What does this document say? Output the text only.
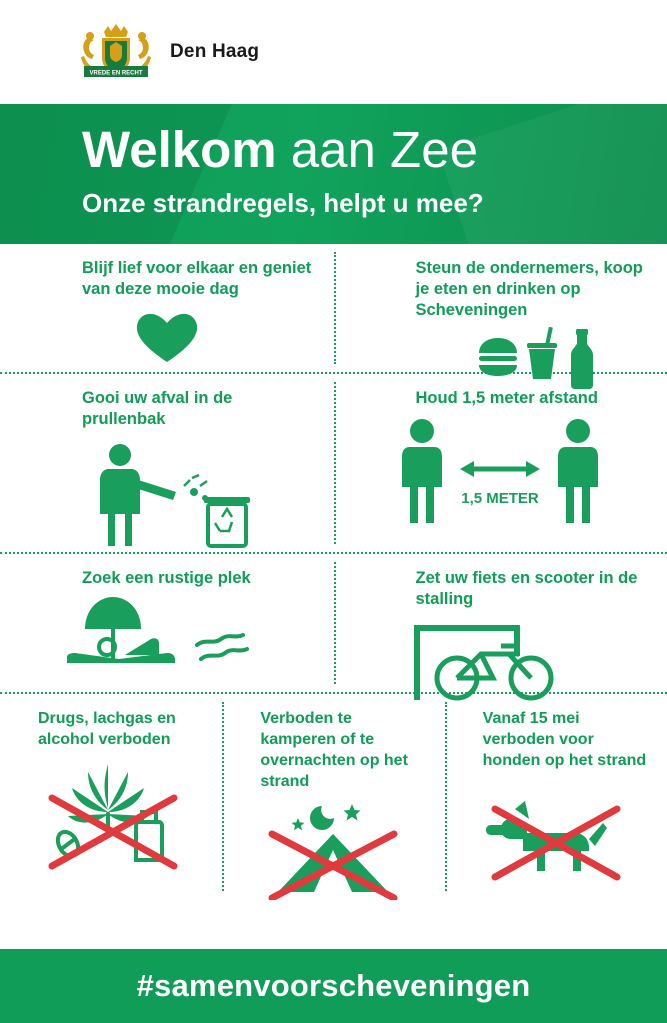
VREDE EN RECHT
Den Haag
Welkom aan Zee
Onze strandregels, helpt u mee?
Blijf lief voor elkaar en geniet van deze mooie dag
Steun de ondernemers, koop je eten en drinken op Scheveningen
Gooi uw afval in de prullenbak
Houd 1,5 meter afstand
1,5 METER
Zoek een rustige plek	Zet uw fiets en scooter in de stalling
Drugs, lachgas en alcohol verboden
Verboden te kamperen of te overnachten op het strand
Vanaf 15 mei verboden voor honden op het strand
#samenvoorscheveningen
